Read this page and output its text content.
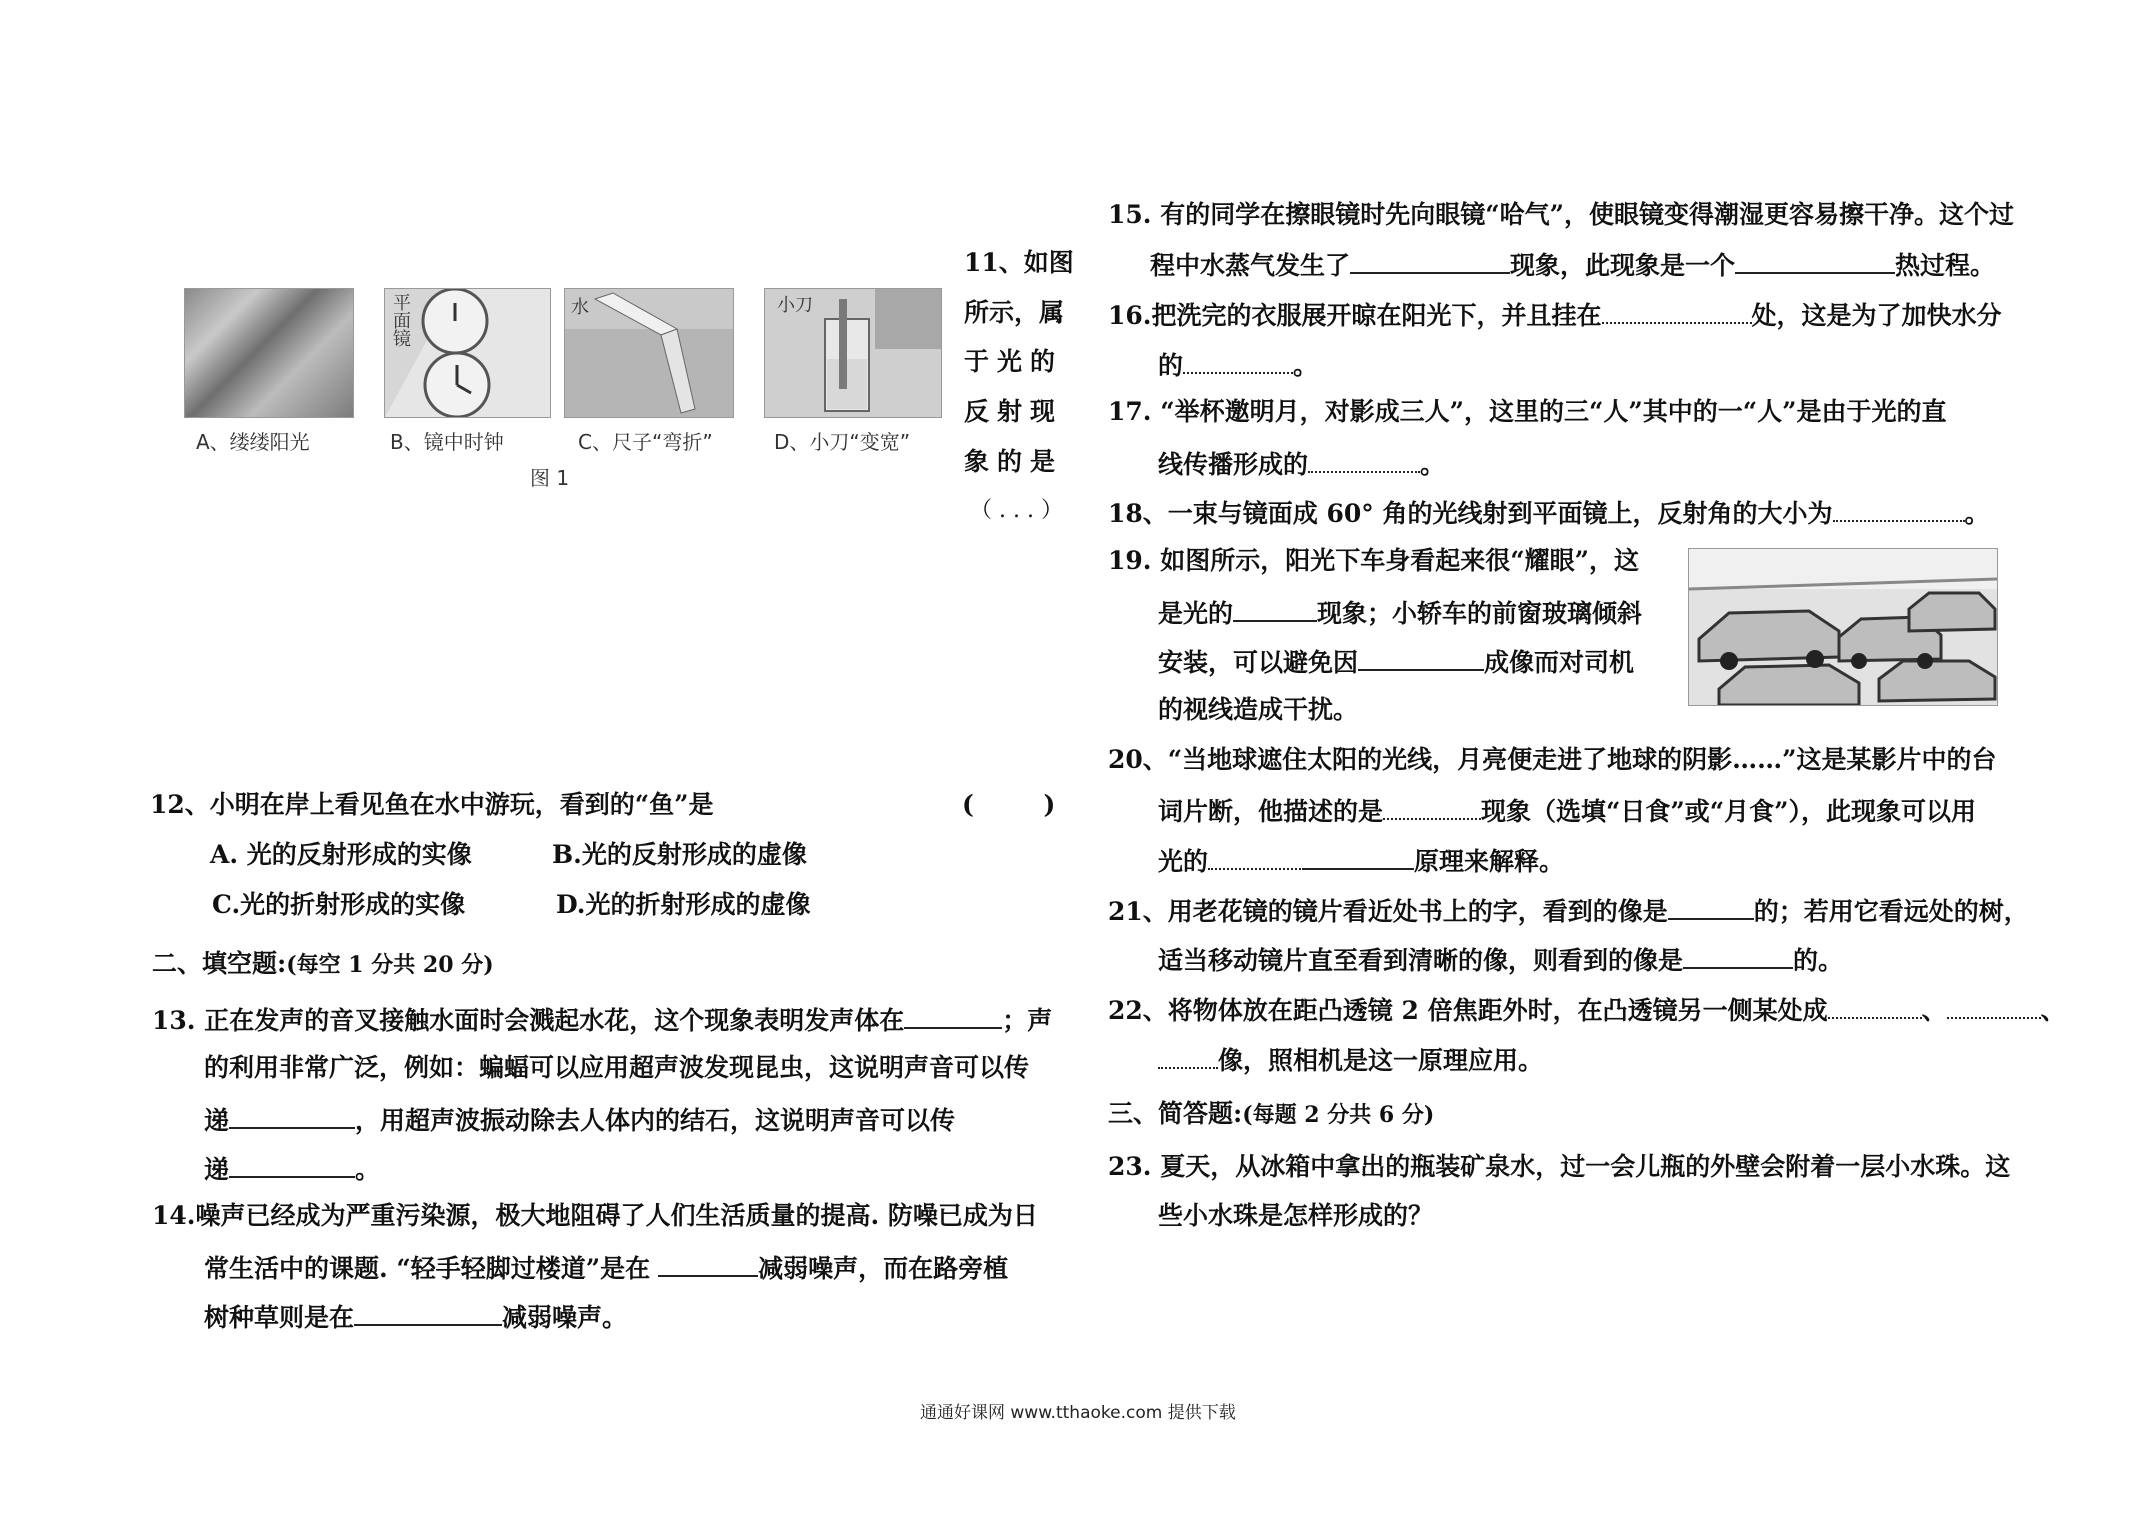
平面镜	水	小刀
A、缕缕阳光	B、镜中时钟	C、尺子“弯折”	D、小刀“变宽”
图 1
11、如图
所示，属
于光的
反射现
象的是
（ . . . ）
12、小明在岸上看见鱼在水中游玩，看到的“鱼”是	(        )
A. 光的反射形成的实像	B.光的反射形成的虚像
C.光的折射形成的实像	D.光的折射形成的虚像
二、填空题:(每空 1 分共 20 分)
13. 正在发声的音叉接触水面时会溅起水花，这个现象表明发声体在	；声
的利用非常广泛，例如：蝙蝠可以应用超声波发现昆虫，这说明声音可以传
递	，用超声波振动除去人体内的结石，这说明声音可以传
递	。
14.噪声已经成为严重污染源，极大地阻碍了人们生活质量的提高. 防噪已成为日
常生活中的课题. “轻手轻脚过楼道”是在	减弱噪声，而在路旁植
树种草则是在	减弱噪声。
15. 有的同学在擦眼镜时先向眼镜“哈气”，使眼镜变得潮湿更容易擦干净。这个过
程中水蒸气发生了	现象，此现象是一个	热过程。
16.把洗完的衣服展开晾在阳光下，并且挂在	处，这是为了加快水分
的	。
17. “举杯邀明月，对影成三人”，这里的三“人”其中的一“人”是由于光的直
线传播形成的	。
18、一束与镜面成 60° 角的光线射到平面镜上，反射角的大小为	。
19. 如图所示，阳光下车身看起来很“耀眼”，这
是光的	现象；小轿车的前窗玻璃倾斜
安装，可以避免因	成像而对司机
的视线造成干扰。
20、“当地球遮住太阳的光线，月亮便走进了地球的阴影……”这是某影片中的台
词片断，他描述的是	现象（选填“日食”或“月食”），此现象可以用
光的	原理来解释。
21、用老花镜的镜片看近处书上的字，看到的像是	的；若用它看远处的树，
适当移动镜片直至看到清晰的像，则看到的像是	的。
22、将物体放在距凸透镜 2 倍焦距外时，在凸透镜另一侧某处成	、	、
像，照相机是这一原理应用。
三、简答题:(每题 2 分共 6 分)
23. 夏天，从冰箱中拿出的瓶装矿泉水，过一会儿瓶的外壁会附着一层小水珠。这
些小水珠是怎样形成的？
通通好课网 www.tthaoke.com 提供下载
